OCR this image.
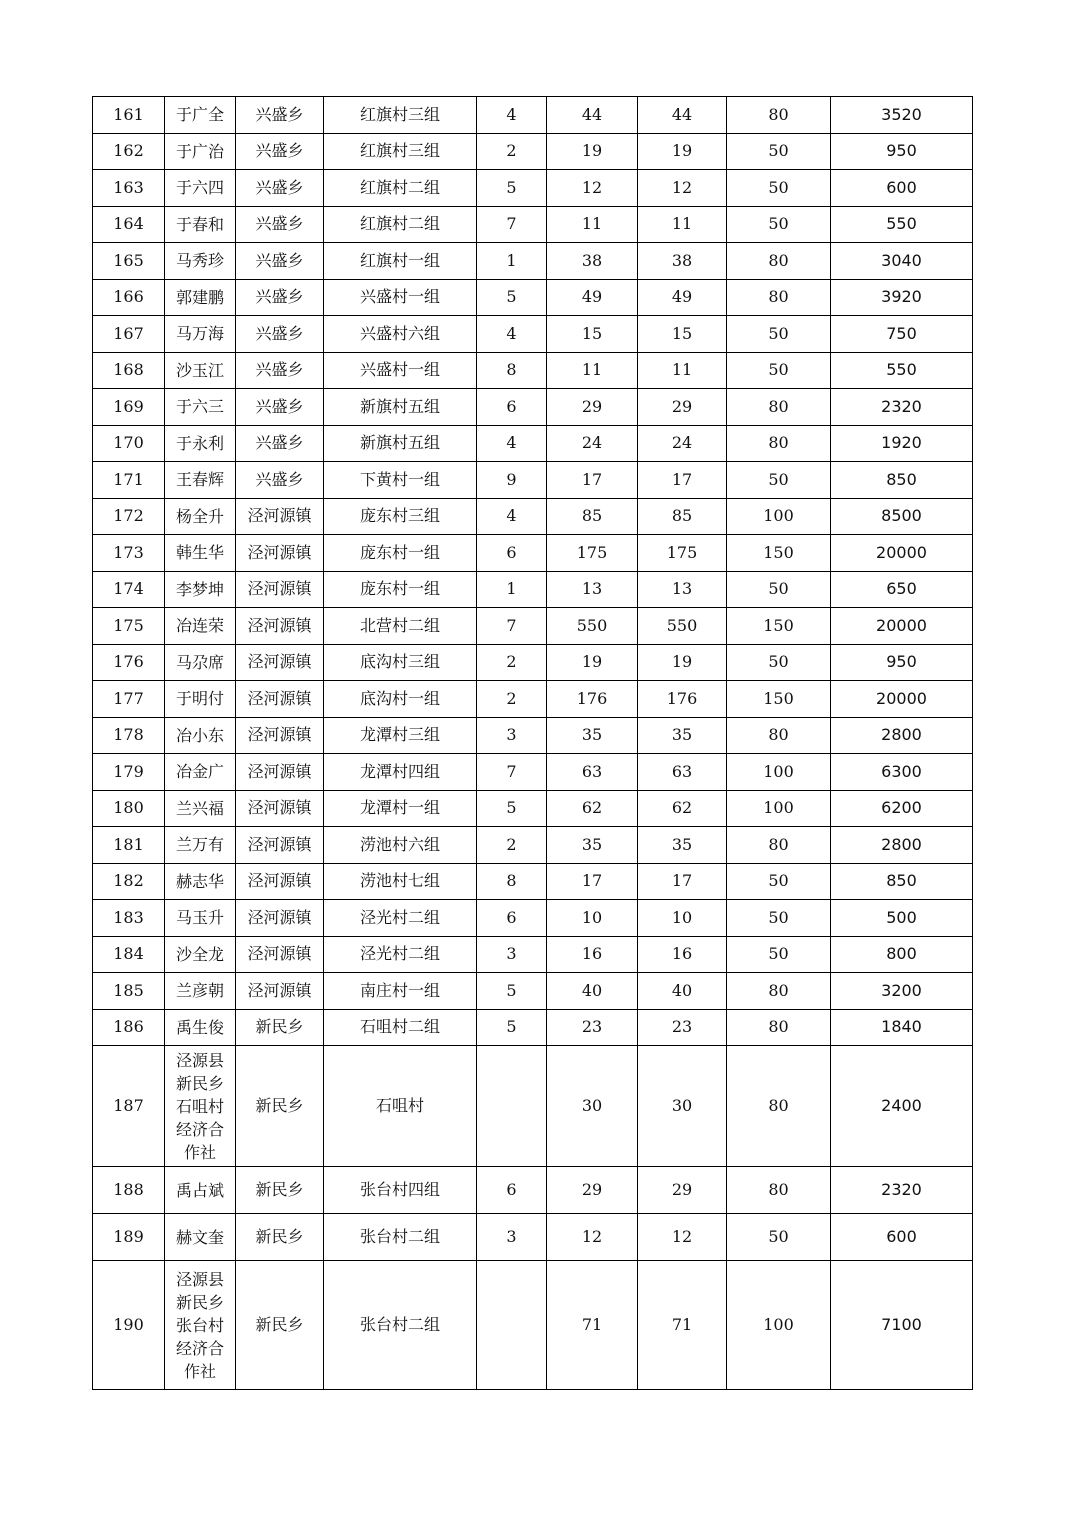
161	于广全	兴盛乡	红旗村三组	4	44	44	80	3520
162	于广治	兴盛乡	红旗村三组	2	19	19	50	950
163	于六四	兴盛乡	红旗村二组	5	12	12	50	600
164	于春和	兴盛乡	红旗村二组	7	11	11	50	550
165	马秀珍	兴盛乡	红旗村一组	1	38	38	80	3040
166	郭建鹏	兴盛乡	兴盛村一组	5	49	49	80	3920
167	马万海	兴盛乡	兴盛村六组	4	15	15	50	750
168	沙玉江	兴盛乡	兴盛村一组	8	11	11	50	550
169	于六三	兴盛乡	新旗村五组	6	29	29	80	2320
170	于永利	兴盛乡	新旗村五组	4	24	24	80	1920
171	王春辉	兴盛乡	下黄村一组	9	17	17	50	850
172	杨全升	泾河源镇	庞东村三组	4	85	85	100	8500
173	韩生华	泾河源镇	庞东村一组	6	175	175	150	20000
174	李梦坤	泾河源镇	庞东村一组	1	13	13	50	650
175	冶连荣	泾河源镇	北营村二组	7	550	550	150	20000
176	马尕席	泾河源镇	底沟村三组	2	19	19	50	950
177	于明付	泾河源镇	底沟村一组	2	176	176	150	20000
178	冶小东	泾河源镇	龙潭村三组	3	35	35	80	2800
179	冶金广	泾河源镇	龙潭村四组	7	63	63	100	6300
180	兰兴福	泾河源镇	龙潭村一组	5	62	62	100	6200
181	兰万有	泾河源镇	涝池村六组	2	35	35	80	2800
182	赫志华	泾河源镇	涝池村七组	8	17	17	50	850
183	马玉升	泾河源镇	泾光村二组	6	10	10	50	500
184	沙全龙	泾河源镇	泾光村二组	3	16	16	50	800
185	兰彦朝	泾河源镇	南庄村一组	5	40	40	80	3200
186	禹生俊	新民乡	石咀村二组	5	23	23	80	1840
187	泾源县新民乡石咀村经济合作社	新民乡	石咀村		30	30	80	2400
188	禹占斌	新民乡	张台村四组	6	29	29	80	2320
189	赫文奎	新民乡	张台村二组	3	12	12	50	600
190	泾源县新民乡张台村经济合作社	新民乡	张台村二组		71	71	100	7100
